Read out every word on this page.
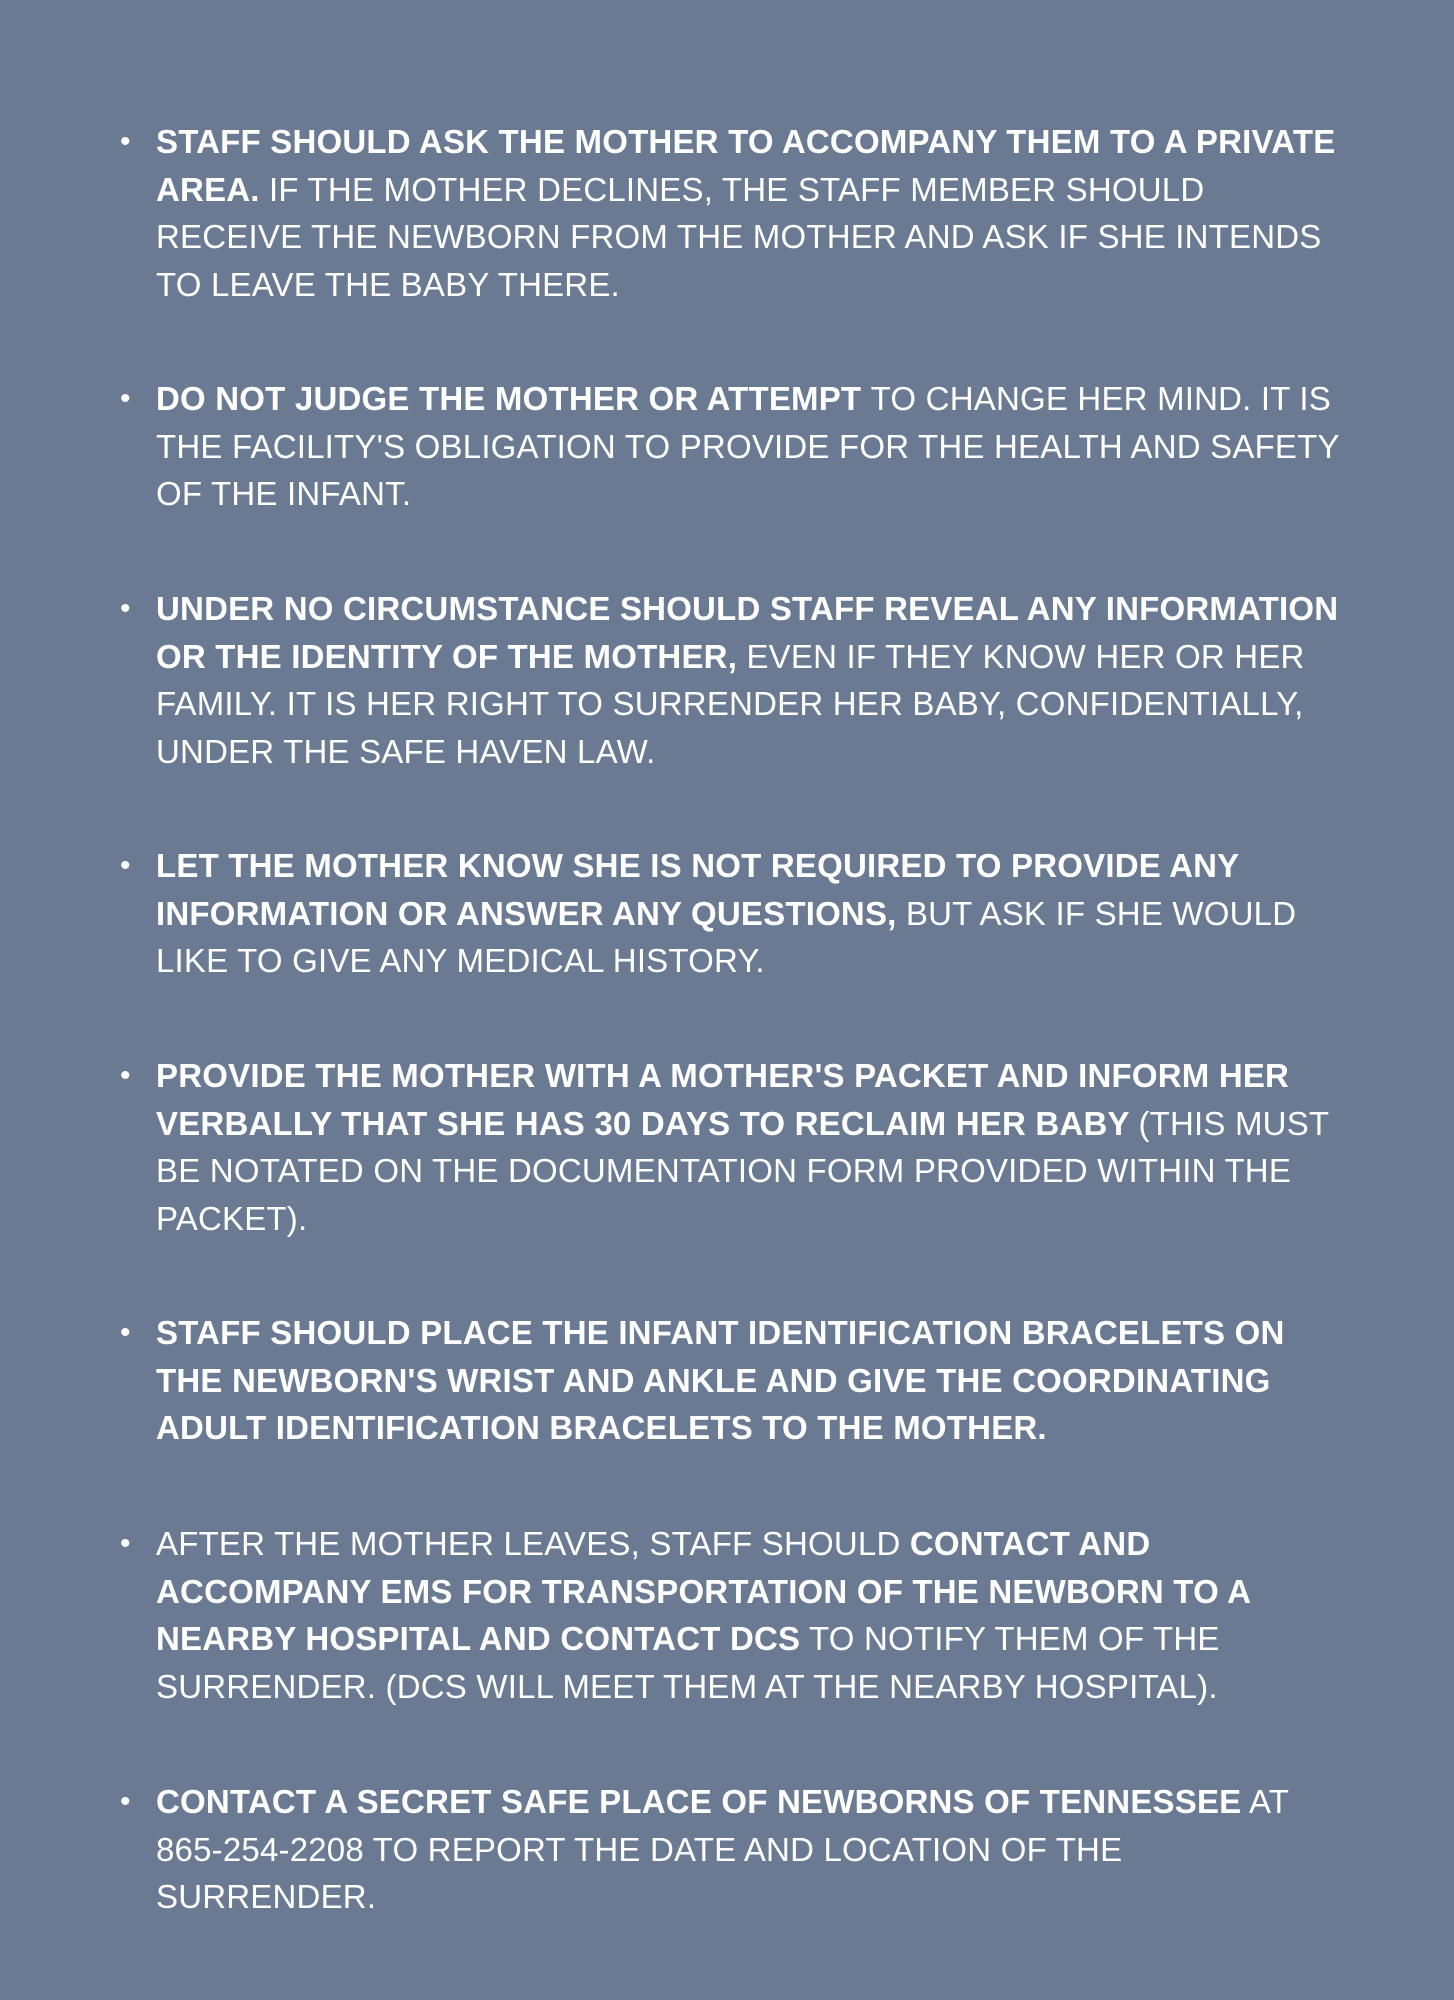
• STAFF SHOULD ASK THE MOTHER TO ACCOMPANY THEM TO A PRIVATE AREA. IF THE MOTHER DECLINES, THE STAFF MEMBER SHOULD RECEIVE THE NEWBORN FROM THE MOTHER AND ASK IF SHE INTENDS TO LEAVE THE BABY THERE.
• DO NOT JUDGE THE MOTHER OR ATTEMPT TO CHANGE HER MIND. IT IS THE FACILITY'S OBLIGATION TO PROVIDE FOR THE HEALTH AND SAFETY OF THE INFANT.
• UNDER NO CIRCUMSTANCE SHOULD STAFF REVEAL ANY INFORMATION OR THE IDENTITY OF THE MOTHER, EVEN IF THEY KNOW HER OR HER FAMILY. IT IS HER RIGHT TO SURRENDER HER BABY, CONFIDENTIALLY, UNDER THE SAFE HAVEN LAW.
• LET THE MOTHER KNOW SHE IS NOT REQUIRED TO PROVIDE ANY INFORMATION OR ANSWER ANY QUESTIONS, BUT ASK IF SHE WOULD LIKE TO GIVE ANY MEDICAL HISTORY.
• PROVIDE THE MOTHER WITH A MOTHER'S PACKET AND INFORM HER VERBALLY THAT SHE HAS 30 DAYS TO RECLAIM HER BABY (THIS MUST BE NOTATED ON THE DOCUMENTATION FORM PROVIDED WITHIN THE PACKET).
• STAFF SHOULD PLACE THE INFANT IDENTIFICATION BRACELETS ON THE NEWBORN'S WRIST AND ANKLE AND GIVE THE COORDINATING ADULT IDENTIFICATION BRACELETS TO THE MOTHER.
• AFTER THE MOTHER LEAVES, STAFF SHOULD CONTACT AND ACCOMPANY EMS FOR TRANSPORTATION OF THE NEWBORN TO A NEARBY HOSPITAL AND CONTACT DCS TO NOTIFY THEM OF THE SURRENDER. (DCS WILL MEET THEM AT THE NEARBY HOSPITAL).
• CONTACT A SECRET SAFE PLACE OF NEWBORNS OF TENNESSEE AT 865-254-2208 TO REPORT THE DATE AND LOCATION OF THE SURRENDER.
